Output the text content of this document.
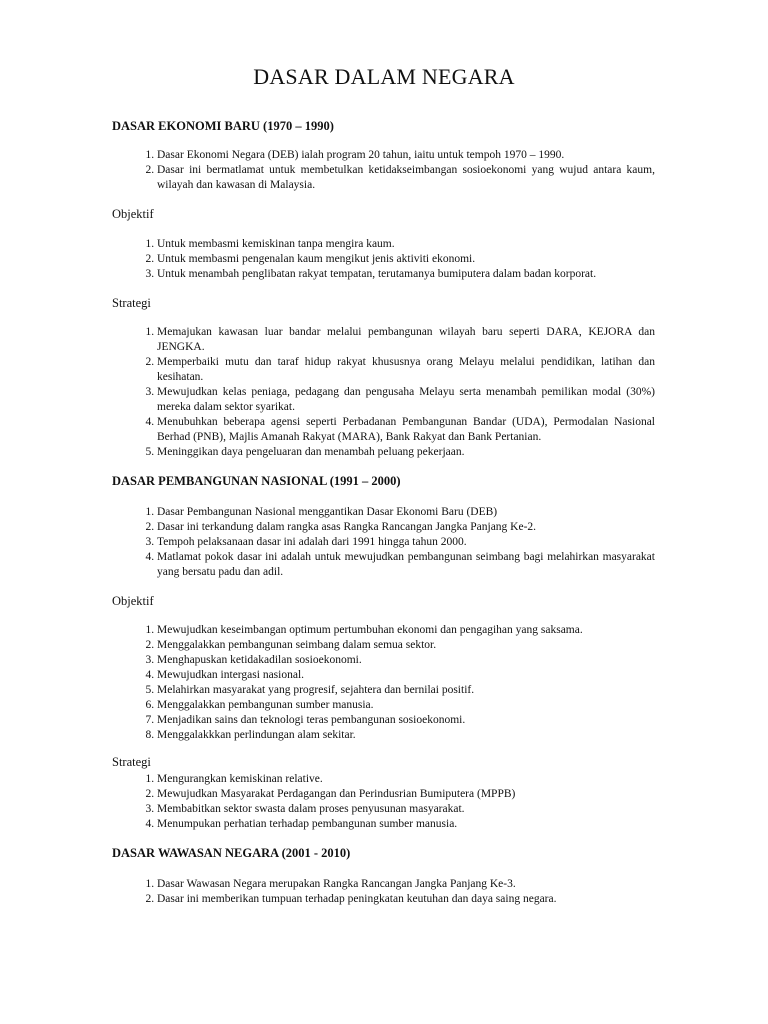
DASAR DALAM NEGARA
DASAR EKONOMI BARU (1970 – 1990)
1. Dasar Ekonomi Negara (DEB) ialah program 20 tahun, iaitu untuk tempoh 1970 – 1990.
2. Dasar ini bermatlamat untuk membetulkan ketidakseimbangan sosioekonomi yang wujud antara kaum, wilayah dan kawasan di Malaysia.
Objektif
1. Untuk membasmi kemiskinan tanpa mengira kaum.
2. Untuk membasmi pengenalan kaum mengikut jenis aktiviti ekonomi.
3. Untuk menambah penglibatan rakyat tempatan, terutamanya bumiputera dalam badan korporat.
Strategi
1. Memajukan kawasan luar bandar melalui pembangunan wilayah baru seperti DARA, KEJORA dan JENGKA.
2. Memperbaiki mutu dan taraf hidup rakyat khususnya orang Melayu melalui pendidikan, latihan dan kesihatan.
3. Mewujudkan kelas peniaga, pedagang dan pengusaha Melayu serta menambah pemilikan modal (30%) mereka dalam sektor syarikat.
4. Menubuhkan beberapa agensi seperti Perbadanan Pembangunan Bandar (UDA), Permodalan Nasional Berhad (PNB), Majlis Amanah Rakyat (MARA), Bank Rakyat dan Bank Pertanian.
5. Meninggikan daya pengeluaran dan menambah peluang pekerjaan.
DASAR PEMBANGUNAN NASIONAL (1991 – 2000)
1. Dasar Pembangunan Nasional menggantikan Dasar Ekonomi Baru (DEB)
2. Dasar ini terkandung dalam rangka asas Rangka Rancangan Jangka Panjang Ke-2.
3. Tempoh pelaksanaan dasar ini adalah dari 1991 hingga tahun 2000.
4. Matlamat pokok dasar ini adalah untuk mewujudkan pembangunan seimbang bagi melahirkan masyarakat yang bersatu padu dan adil.
Objektif
1. Mewujudkan keseimbangan optimum pertumbuhan ekonomi dan pengagihan yang saksama.
2. Menggalakkan pembangunan seimbang dalam semua sektor.
3. Menghapuskan ketidakadilan sosioekonomi.
4. Mewujudkan intergasi nasional.
5. Melahirkan masyarakat yang progresif, sejahtera dan bernilai positif.
6. Menggalakkan pembangunan sumber manusia.
7. Menjadikan sains dan teknologi teras pembangunan sosioekonomi.
8. Menggalakkkan perlindungan alam sekitar.
Strategi
1. Mengurangkan kemiskinan relative.
2. Mewujudkan Masyarakat Perdagangan dan Perindusrian Bumiputera (MPPB)
3. Membabitkan sektor swasta dalam proses penyusunan masyarakat.
4. Menumpukan perhatian terhadap pembangunan sumber manusia.
DASAR WAWASAN NEGARA (2001 - 2010)
1. Dasar Wawasan Negara merupakan Rangka Rancangan Jangka Panjang Ke-3.
2. Dasar ini memberikan tumpuan terhadap peningkatan keutuhan dan daya saing negara.
